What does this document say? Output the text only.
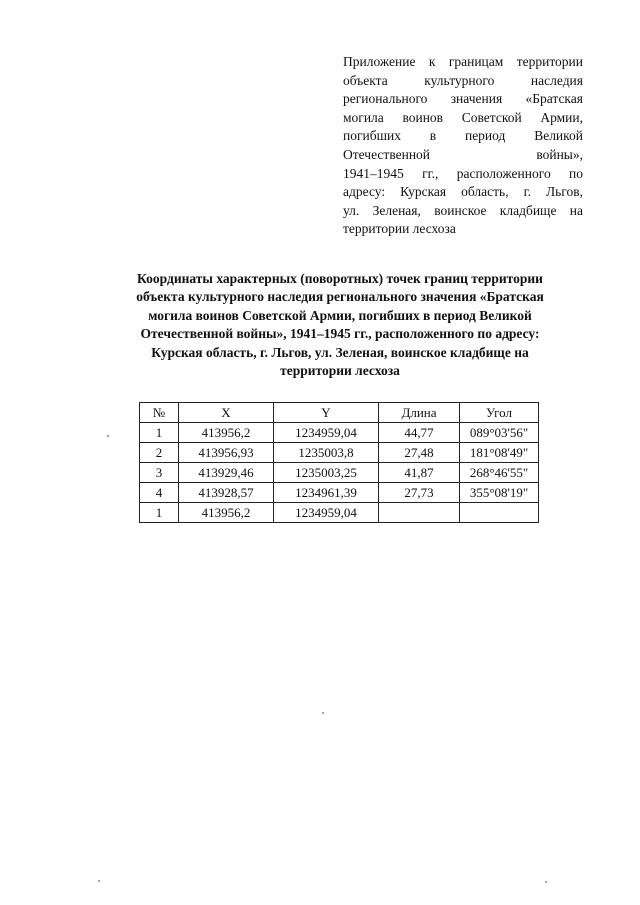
Приложение к границам территории
объекта культурного наследия
регионального значения «Братская
могила воинов Советской Армии,
погибших в период Великой
Отечественной войны»,
1941–1945 гг., расположенного по
адресу: Курская область, г. Льгов,
ул. Зеленая, воинское кладбище на
территории лесхоза
Координаты характерных (поворотных) точек границ территории
объекта культурного наследия регионального значения «Братская
могила воинов Советской Армии, погибших в период Великой
Отечественной войны», 1941–1945 гг., расположенного по адресу:
Курская область, г. Льгов, ул. Зеленая, воинское кладбище на
территории лесхоза
№	X	Y	Длина	Угол
1	413956,2	1234959,04	44,77	089°03'56"
2	413956,93	1235003,8	27,48	181°08'49"
3	413929,46	1235003,25	41,87	268°46'55"
4	413928,57	1234961,39	27,73	355°08'19"
1	413956,2	1234959,04		
